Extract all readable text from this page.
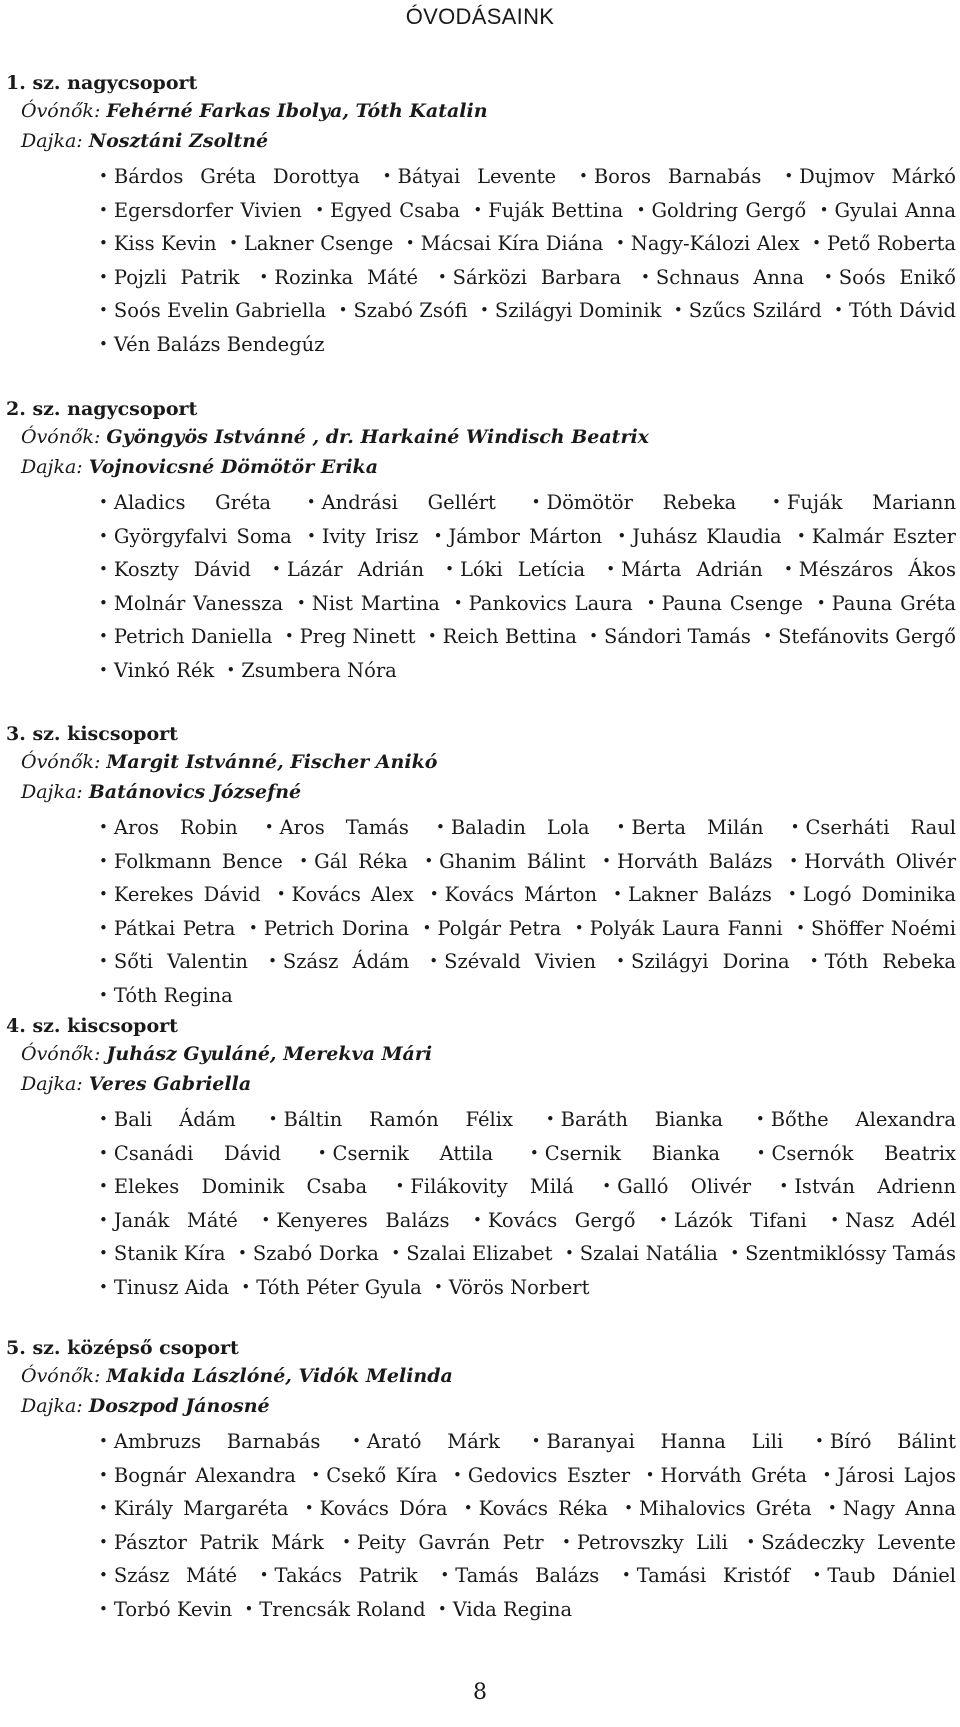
ÓVODÁSAINK
1. sz. nagycsoport
Óvónők: Fehérné Farkas Ibolya, Tóth Katalin
Dajka: Nosztáni Zsoltné
• Bárdos Gréta Dorottya • Bátyai Levente • Boros Barnabás • Dujmov Márkó • Egersdorfer Vivien • Egyed Csaba • Fuják Bettina • Goldring Gergő • Gyulai Anna • Kiss Kevin • Lakner Csenge • Mácsai Kíra Diána • Nagy-Kálozi Alex • Pető Roberta • Pojzli Patrik • Rozinka Máté • Sárközi Barbara • Schnaus Anna • Soós Enikő • Soós Evelin Gabriella • Szabó Zsófi • Szilágyi Dominik • Szűcs Szilárd • Tóth Dávid • Vén Balázs Bendegúz
2. sz. nagycsoport
Óvónők: Gyöngyös Istvánné , dr. Harkainé Windisch Beatrix
Dajka: Vojnovicsné Dömötör Erika
• Aladics Gréta • Andrási Gellért • Dömötör Rebeka • Fuják Mariann • Györgyfalvi Soma • Ivity Irisz • Jámbor Márton • Juhász Klaudia • Kalmár Eszter • Koszty Dávid • Lázár Adrián • Lóki Letícia • Márta Adrián • Mészáros Ákos • Molnár Vanessza • Nist Martina • Pankovics Laura • Pauna Csenge • Pauna Gréta • Petrich Daniella • Preg Ninett • Reich Bettina • Sándori Tamás • Stefánovits Gergő • Vinkó Rék • Zsumbera Nóra
3. sz. kiscsoport
Óvónők: Margit Istvánné, Fischer Anikó
Dajka: Batánovics Józsefné
• Aros Robin • Aros Tamás • Baladin Lola • Berta Milán • Cserháti Raul • Folkmann Bence • Gál Réka • Ghanim Bálint • Horváth Balázs • Horváth Olivér • Kerekes Dávid • Kovács Alex • Kovács Márton • Lakner Balázs • Logó Dominika • Pátkai Petra • Petrich Dorina • Polgár Petra • Polyák Laura Fanni • Shöffer Noémi • Sőti Valentin • Szász Ádám • Szévald Vivien • Szilágyi Dorina • Tóth Rebeka • Tóth Regina
4. sz. kiscsoport
Óvónők: Juhász Gyuláné, Merekva Mári
Dajka: Veres Gabriella
• Bali Ádám • Báltin Ramón Félix • Baráth Bianka • Bőthe Alexandra • Csanádi Dávid • Csernik Attila • Csernik Bianka • Csernók Beatrix • Elekes Dominik Csaba • Filákovity Milá • Galló Olivér • István Adrienn • Janák Máté • Kenyeres Balázs • Kovács Gergő • Lázók Tifani • Nasz Adél • Stanik Kíra • Szabó Dorka • Szalai Elizabet • Szalai Natália • Szentmiklóssy Tamás • Tinusz Aida • Tóth Péter Gyula • Vörös Norbert
5. sz. középső csoport
Óvónők: Makida Lászlóné, Vidók Melinda
Dajka: Doszpod Jánosné
• Ambruzs Barnabás • Arató Márk • Baranyai Hanna Lili • Bíró Bálint • Bognár Alexandra • Csekő Kíra • Gedovics Eszter • Horváth Gréta • Járosi Lajos • Király Margaréta • Kovács Dóra • Kovács Réka • Mihalovics Gréta • Nagy Anna • Pásztor Patrik Márk • Peity Gavrán Petr • Petrovszky Lili • Szádeczky Levente • Szász Máté • Takács Patrik • Tamás Balázs • Tamási Kristóf • Taub Dániel • Torbó Kevin • Trencsák Roland • Vida Regina
8
